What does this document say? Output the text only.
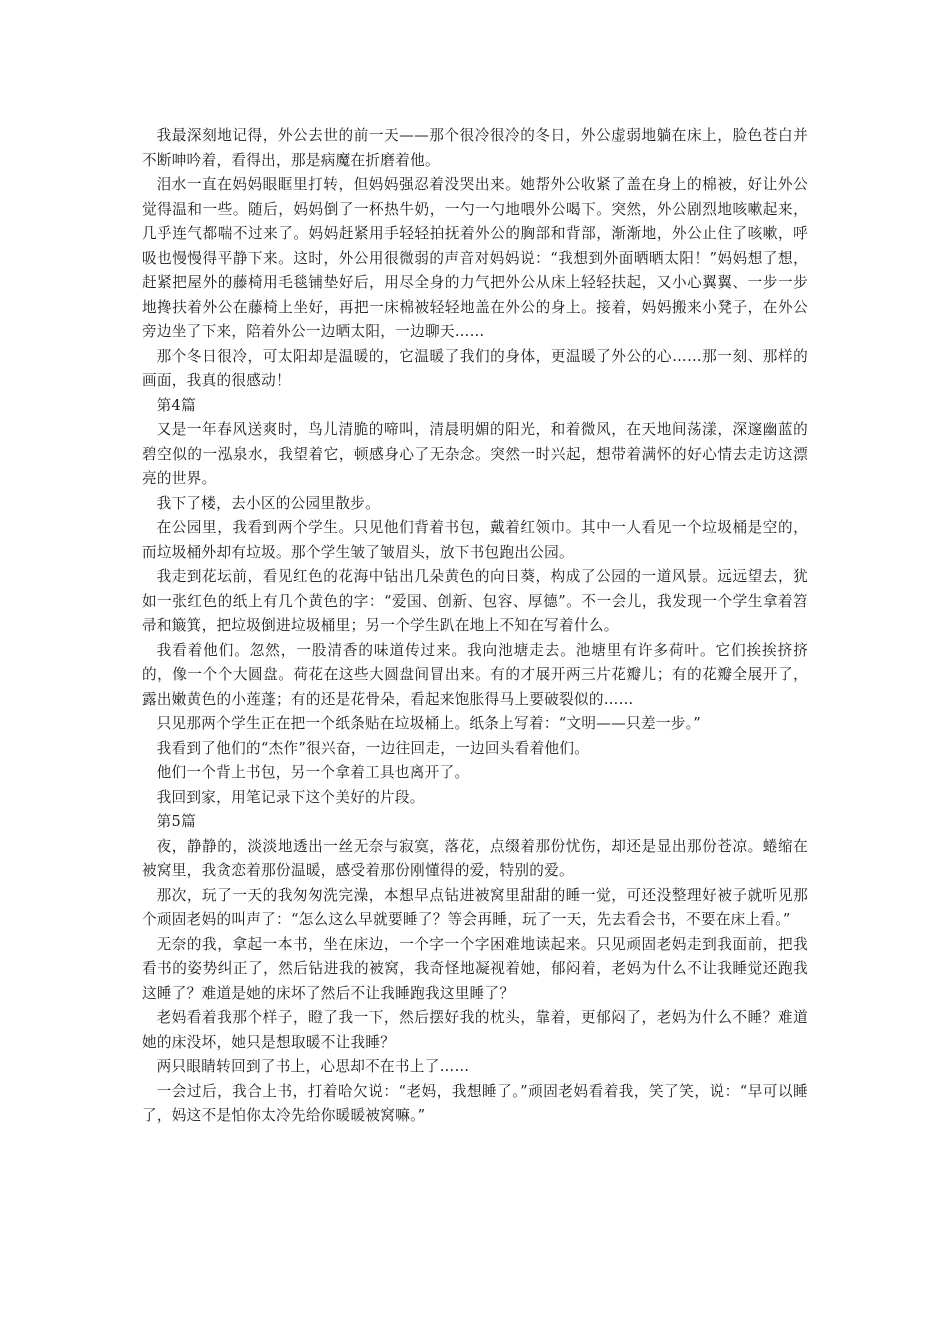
我最深刻地记得，外公去世的前一天——那个很冷很冷的冬日，外公虚弱地躺在床上，脸色苍白并不断呻吟着，看得出，那是病魔在折磨着他。

泪水一直在妈妈眼眶里打转，但妈妈强忍着没哭出来。她帮外公收紧了盖在身上的棉被，好让外公觉得温和一些。随后，妈妈倒了一杯热牛奶，一勺一勺地喂外公喝下。突然，外公剧烈地咳嗽起来，几乎连气都喘不过来了。妈妈赶紧用手轻轻拍抚着外公的胸部和背部，渐渐地，外公止住了咳嗽，呼吸也慢慢得平静下来。这时，外公用很微弱的声音对妈妈说：“我想到外面晒晒太阳！”妈妈想了想，赶紧把屋外的藤椅用毛毯铺垫好后，用尽全身的力气把外公从床上轻轻扶起，又小心翼翼、一步一步地搀扶着外公在藤椅上坐好，再把一床棉被轻轻地盖在外公的身上。接着，妈妈搬来小凳子，在外公旁边坐了下来，陪着外公一边晒太阳，一边聊天……

那个冬日很冷，可太阳却是温暖的，它温暖了我们的身体，更温暖了外公的心……那一刻、那样的画面，我真的很感动！

第4篇

又是一年春风送爽时，鸟儿清脆的啼叫，清晨明媚的阳光，和着微风，在天地间荡漾，深邃幽蓝的碧空似的一泓泉水，我望着它，顿感身心了无杂念。突然一时兴起，想带着满怀的好心情去走访这漂亮的世界。

我下了楼，去小区的公园里散步。

在公园里，我看到两个学生。只见他们背着书包，戴着红领巾。其中一人看见一个垃圾桶是空的，而垃圾桶外却有垃圾。那个学生皱了皱眉头，放下书包跑出公园。

我走到花坛前，看见红色的花海中钻出几朵黄色的向日葵，构成了公园的一道风景。远远望去，犹如一张红色的纸上有几个黄色的字：“爱国、创新、包容、厚德”。不一会儿，我发现一个学生拿着笤帚和簸箕，把垃圾倒进垃圾桶里；另一个学生趴在地上不知在写着什么。

我看着他们。忽然，一股清香的味道传过来。我向池塘走去。池塘里有许多荷叶。它们挨挨挤挤的，像一个个大圆盘。荷花在这些大圆盘间冒出来。有的才展开两三片花瓣儿；有的花瓣全展开了，露出嫩黄色的小莲蓬；有的还是花骨朵，看起来饱胀得马上要破裂似的……

只见那两个学生正在把一个纸条贴在垃圾桶上。纸条上写着：“文明——只差一步。”

我看到了他们的“杰作”很兴奋，一边往回走，一边回头看着他们。

他们一个背上书包，另一个拿着工具也离开了。

我回到家，用笔记录下这个美好的片段。

第5篇

夜，静静的，淡淡地透出一丝无奈与寂寞，落花，点缀着那份忧伤，却还是显出那份苍凉。蜷缩在被窝里，我贪恋着那份温暖，感受着那份刚懂得的爱，特别的爱。

那次，玩了一天的我匆匆洗完澡，本想早点钻进被窝里甜甜的睡一觉，可还没整理好被子就听见那个顽固老妈的叫声了：“怎么这么早就要睡了？等会再睡，玩了一天，先去看会书，不要在床上看。”

无奈的我，拿起一本书，坐在床边，一个字一个字困难地读起来。只见顽固老妈走到我面前，把我看书的姿势纠正了，然后钻进我的被窝，我奇怪地凝视着她，郁闷着，老妈为什么不让我睡觉还跑我这睡了？难道是她的床坏了然后不让我睡跑我这里睡了？

老妈看着我那个样子，瞪了我一下，然后摆好我的枕头，靠着，更郁闷了，老妈为什么不睡？难道她的床没坏，她只是想取暖不让我睡？

两只眼睛转回到了书上，心思却不在书上了……

一会过后，我合上书，打着哈欠说：“老妈，我想睡了。”顽固老妈看着我，笑了笑，说：“早可以睡了，妈这不是怕你太冷先给你暖暖被窝嘛。”
